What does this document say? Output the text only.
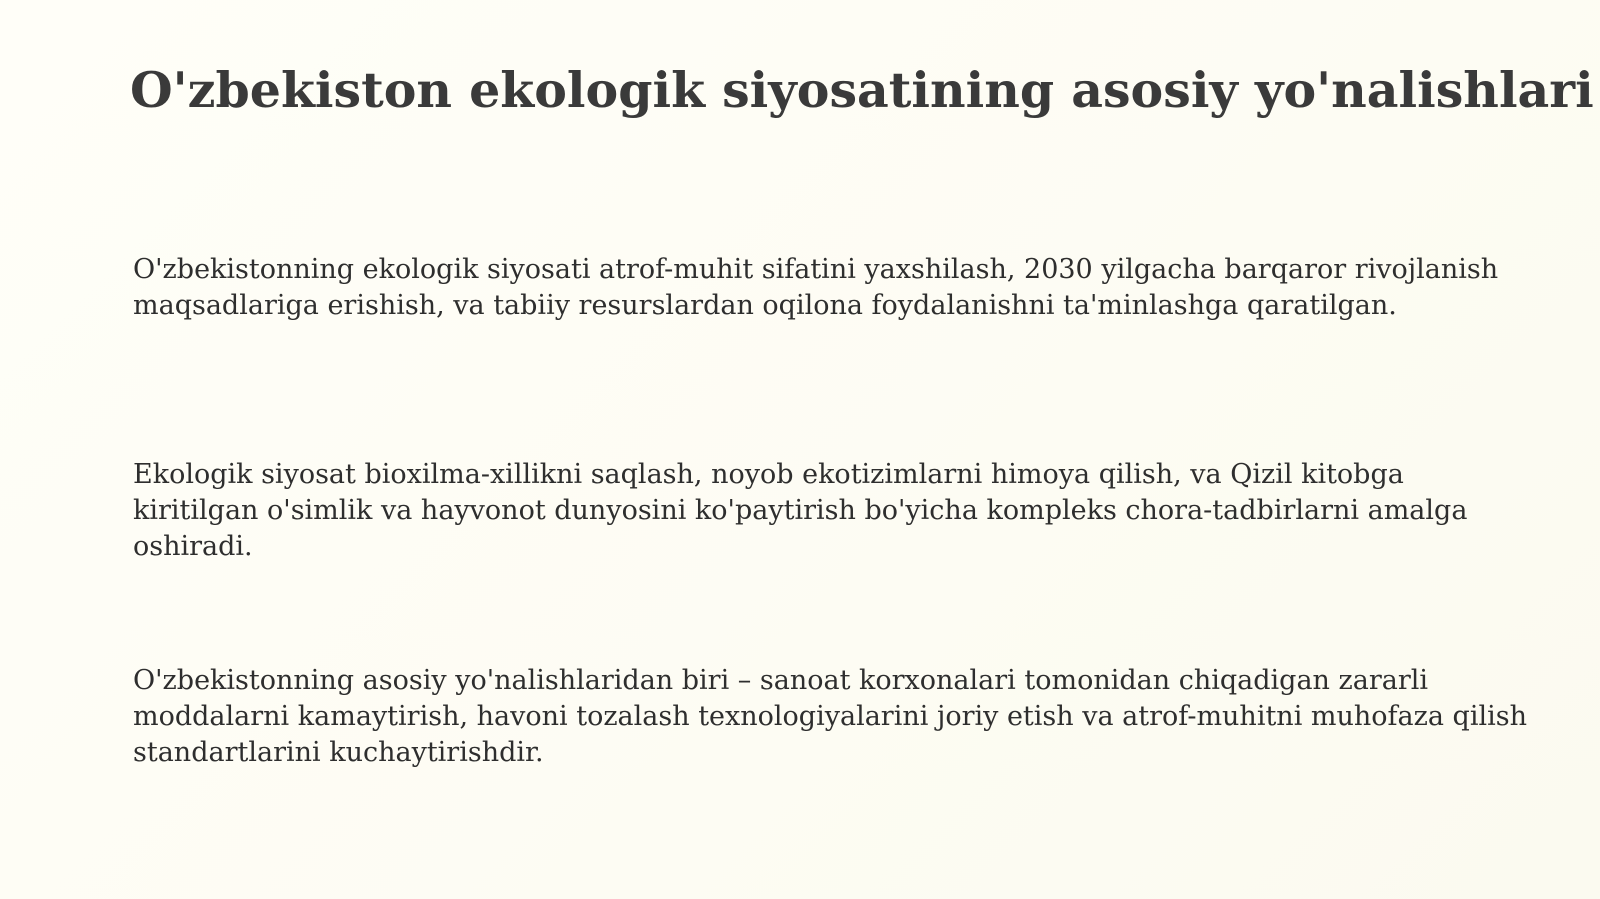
O'zbekiston ekologik siyosatining asosiy yo'nalishlari
O'zbekistonning ekologik siyosati atrof-muhit sifatini yaxshilash, 2030 yilgacha barqaror rivojlanish maqsadlariga erishish, va tabiiy resurslardan oqilona foydalanishni ta'minlashga qaratilgan.
Ekologik siyosat bioxilma-xillikni saqlash, noyob ekotizimlarni himoya qilish, va Qizil kitobga kiritilgan o'simlik va hayvonot dunyosini ko'paytirish bo'yicha kompleks chora-tadbirlarni amalga oshiradi.
O'zbekistonning asosiy yo'nalishlaridan biri – sanoat korxonalari tomonidan chiqadigan zararli moddalarni kamaytirish, havoni tozalash texnologiyalarini joriy etish va atrof-muhitni muhofaza qilish standartlarini kuchaytirishdir.
